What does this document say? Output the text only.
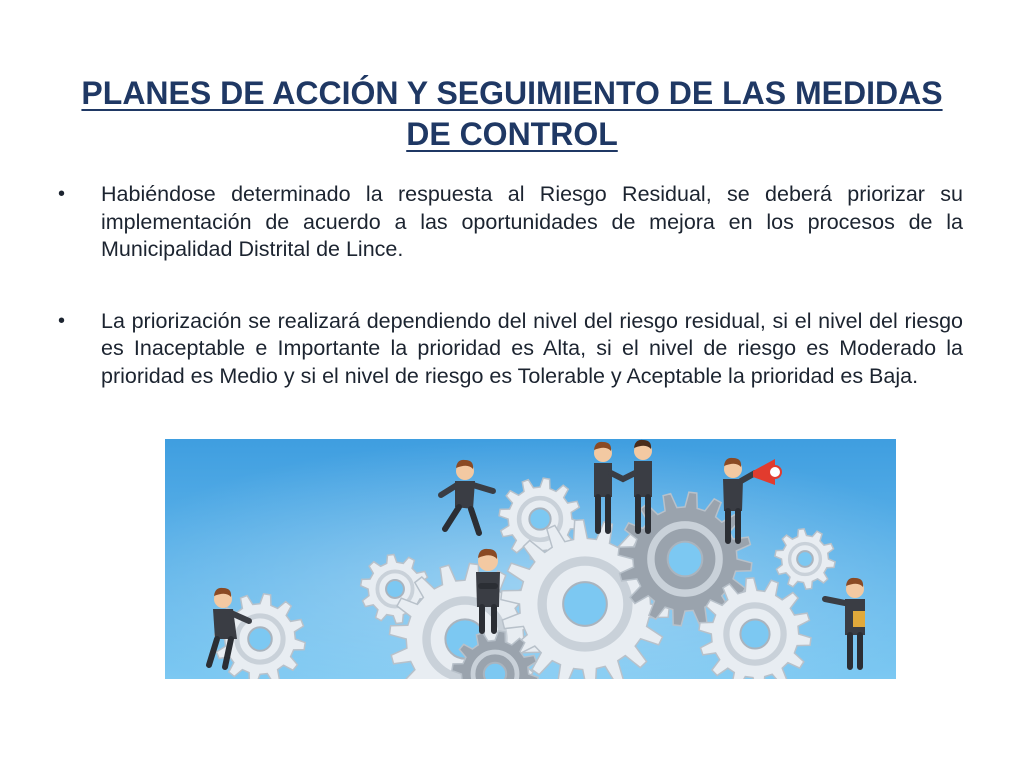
PLANES DE ACCIÓN Y SEGUIMIENTO DE LAS MEDIDAS DE CONTROL
• Habiéndose determinado la respuesta al Riesgo Residual, se deberá priorizar su implementación de acuerdo a las oportunidades de mejora en los procesos de la Municipalidad Distrital de Lince.
• La priorización se realizará dependiendo del nivel del riesgo residual, si el nivel del riesgo es Inaceptable e Importante la prioridad es Alta, si el nivel de riesgo es Moderado la prioridad es Medio y si el nivel de riesgo es Tolerable y Aceptable la prioridad es Baja.
